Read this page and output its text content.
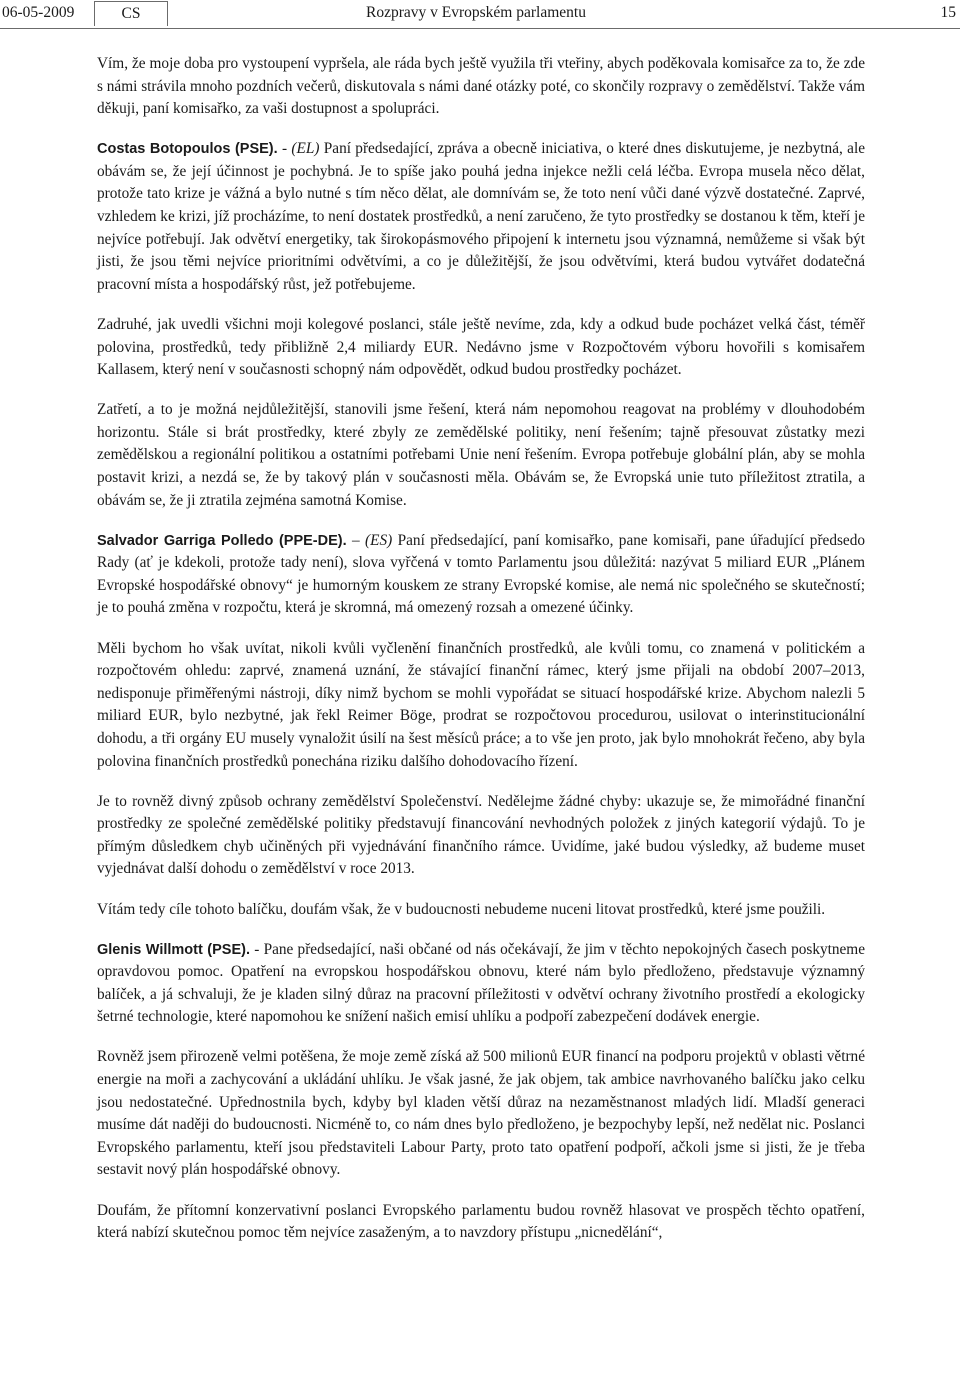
06-05-2009	CS	Rozpravy v Evropském parlamentu	15

Vím, že moje doba pro vystoupení vypršela, ale ráda bych ještě využila tři vteřiny, abych poděkovala komisařce za to, že zde s námi strávila mnoho pozdních večerů, diskutovala s námi dané otázky poté, co skončily rozpravy o zemědělství. Takže vám děkuji, paní komisařko, za vaši dostupnost a spolupráci.

Costas Botopoulos (PSE). - (EL) Paní předsedající, zpráva a obecně iniciativa, o které dnes diskutujeme, je nezbytná, ale obávám se, že její účinnost je pochybná. Je to spíše jako pouhá jedna injekce nežli celá léčba. Evropa musela něco dělat, protože tato krize je vážná a bylo nutné s tím něco dělat, ale domnívám se, že toto není vůči dané výzvě dostatečné. Zaprvé, vzhledem ke krizi, jíž procházíme, to není dostatek prostředků, a není zaručeno, že tyto prostředky se dostanou k těm, kteří je nejvíce potřebují. Jak odvětví energetiky, tak širokopásmového připojení k internetu jsou významná, nemůžeme si však být jisti, že jsou těmi nejvíce prioritními odvětvími, a co je důležitější, že jsou odvětvími, která budou vytvářet dodatečná pracovní místa a hospodářský růst, jež potřebujeme.

Zadruhé, jak uvedli všichni moji kolegové poslanci, stále ještě nevíme, zda, kdy a odkud bude pocházet velká část, téměř polovina, prostředků, tedy přibližně 2,4 miliardy EUR. Nedávno jsme v Rozpočtovém výboru hovořili s komisařem Kallasem, který není v současnosti schopný nám odpovědět, odkud budou prostředky pocházet.

Zatřetí, a to je možná nejdůležitější, stanovili jsme řešení, která nám nepomohou reagovat na problémy v dlouhodobém horizontu. Stále si brát prostředky, které zbyly ze zemědělské politiky, není řešením; tajně přesouvat zůstatky mezi zemědělskou a regionální politikou a ostatními potřebami Unie není řešením. Evropa potřebuje globální plán, aby se mohla postavit krizi, a nezdá se, že by takový plán v současnosti měla. Obávám se, že Evropská unie tuto příležitost ztratila, a obávám se, že ji ztratila zejména samotná Komise.

Salvador Garriga Polledo (PPE-DE). – (ES) Paní předsedající, paní komisařko, pane komisaři, pane úřadující předsedo Rady (ať je kdekoli, protože tady není), slova vyřčená v tomto Parlamentu jsou důležitá: nazývat 5 miliard EUR „Plánem Evropské hospodářské obnovy“ je humorným kouskem ze strany Evropské komise, ale nemá nic společného se skutečností; je to pouhá změna v rozpočtu, která je skromná, má omezený rozsah a omezené účinky.

Měli bychom ho však uvítat, nikoli kvůli vyčlenění finančních prostředků, ale kvůli tomu, co znamená v politickém a rozpočtovém ohledu: zaprvé, znamená uznání, že stávající finanční rámec, který jsme přijali na období 2007–2013, nedisponuje přiměřenými nástroji, díky nimž bychom se mohli vypořádat se situací hospodářské krize. Abychom nalezli 5 miliard EUR, bylo nezbytné, jak řekl Reimer Böge, prodrat se rozpočtovou procedurou, usilovat o interinstitucionální dohodu, a tři orgány EU musely vynaložit úsilí na šest měsíců práce; a to vše jen proto, jak bylo mnohokrát řečeno, aby byla polovina finančních prostředků ponechána riziku dalšího dohodovacího řízení.

Je to rovněž divný způsob ochrany zemědělství Společenství. Nedělejme žádné chyby: ukazuje se, že mimořádné finanční prostředky ze společné zemědělské politiky představují financování nevhodných položek z jiných kategorií výdajů. To je přímým důsledkem chyb učiněných při vyjednávání finančního rámce. Uvidíme, jaké budou výsledky, až budeme muset vyjednávat další dohodu o zemědělství v roce 2013.

Vítám tedy cíle tohoto balíčku, doufám však, že v budoucnosti nebudeme nuceni litovat prostředků, které jsme použili.

Glenis Willmott (PSE). - Pane předsedající, naši občané od nás očekávají, že jim v těchto nepokojných časech poskytneme opravdovou pomoc. Opatření na evropskou hospodářskou obnovu, které nám bylo předloženo, představuje významný balíček, a já schvaluji, že je kladen silný důraz na pracovní příležitosti v odvětví ochrany životního prostředí a ekologicky šetrné technologie, které napomohou ke snížení našich emisí uhlíku a podpoří zabezpečení dodávek energie.

Rovněž jsem přirozeně velmi potěšena, že moje země získá až 500 milionů EUR financí na podporu projektů v oblasti větrné energie na moři a zachycování a ukládání uhlíku. Je však jasné, že jak objem, tak ambice navrhovaného balíčku jako celku jsou nedostatečné. Upřednostnila bych, kdyby byl kladen větší důraz na nezaměstnanost mladých lidí. Mladší generaci musíme dát naději do budoucnosti. Nicméně to, co nám dnes bylo předloženo, je bezpochyby lepší, než nedělat nic. Poslanci Evropského parlamentu, kteří jsou představiteli Labour Party, proto tato opatření podpoří, ačkoli jsme si jisti, že je třeba sestavit nový plán hospodářské obnovy.

Doufám, že přítomní konzervativní poslanci Evropského parlamentu budou rovněž hlasovat ve prospěch těchto opatření, která nabízí skutečnou pomoc těm nejvíce zasaženým, a to navzdory přístupu „nicnedělání“,
